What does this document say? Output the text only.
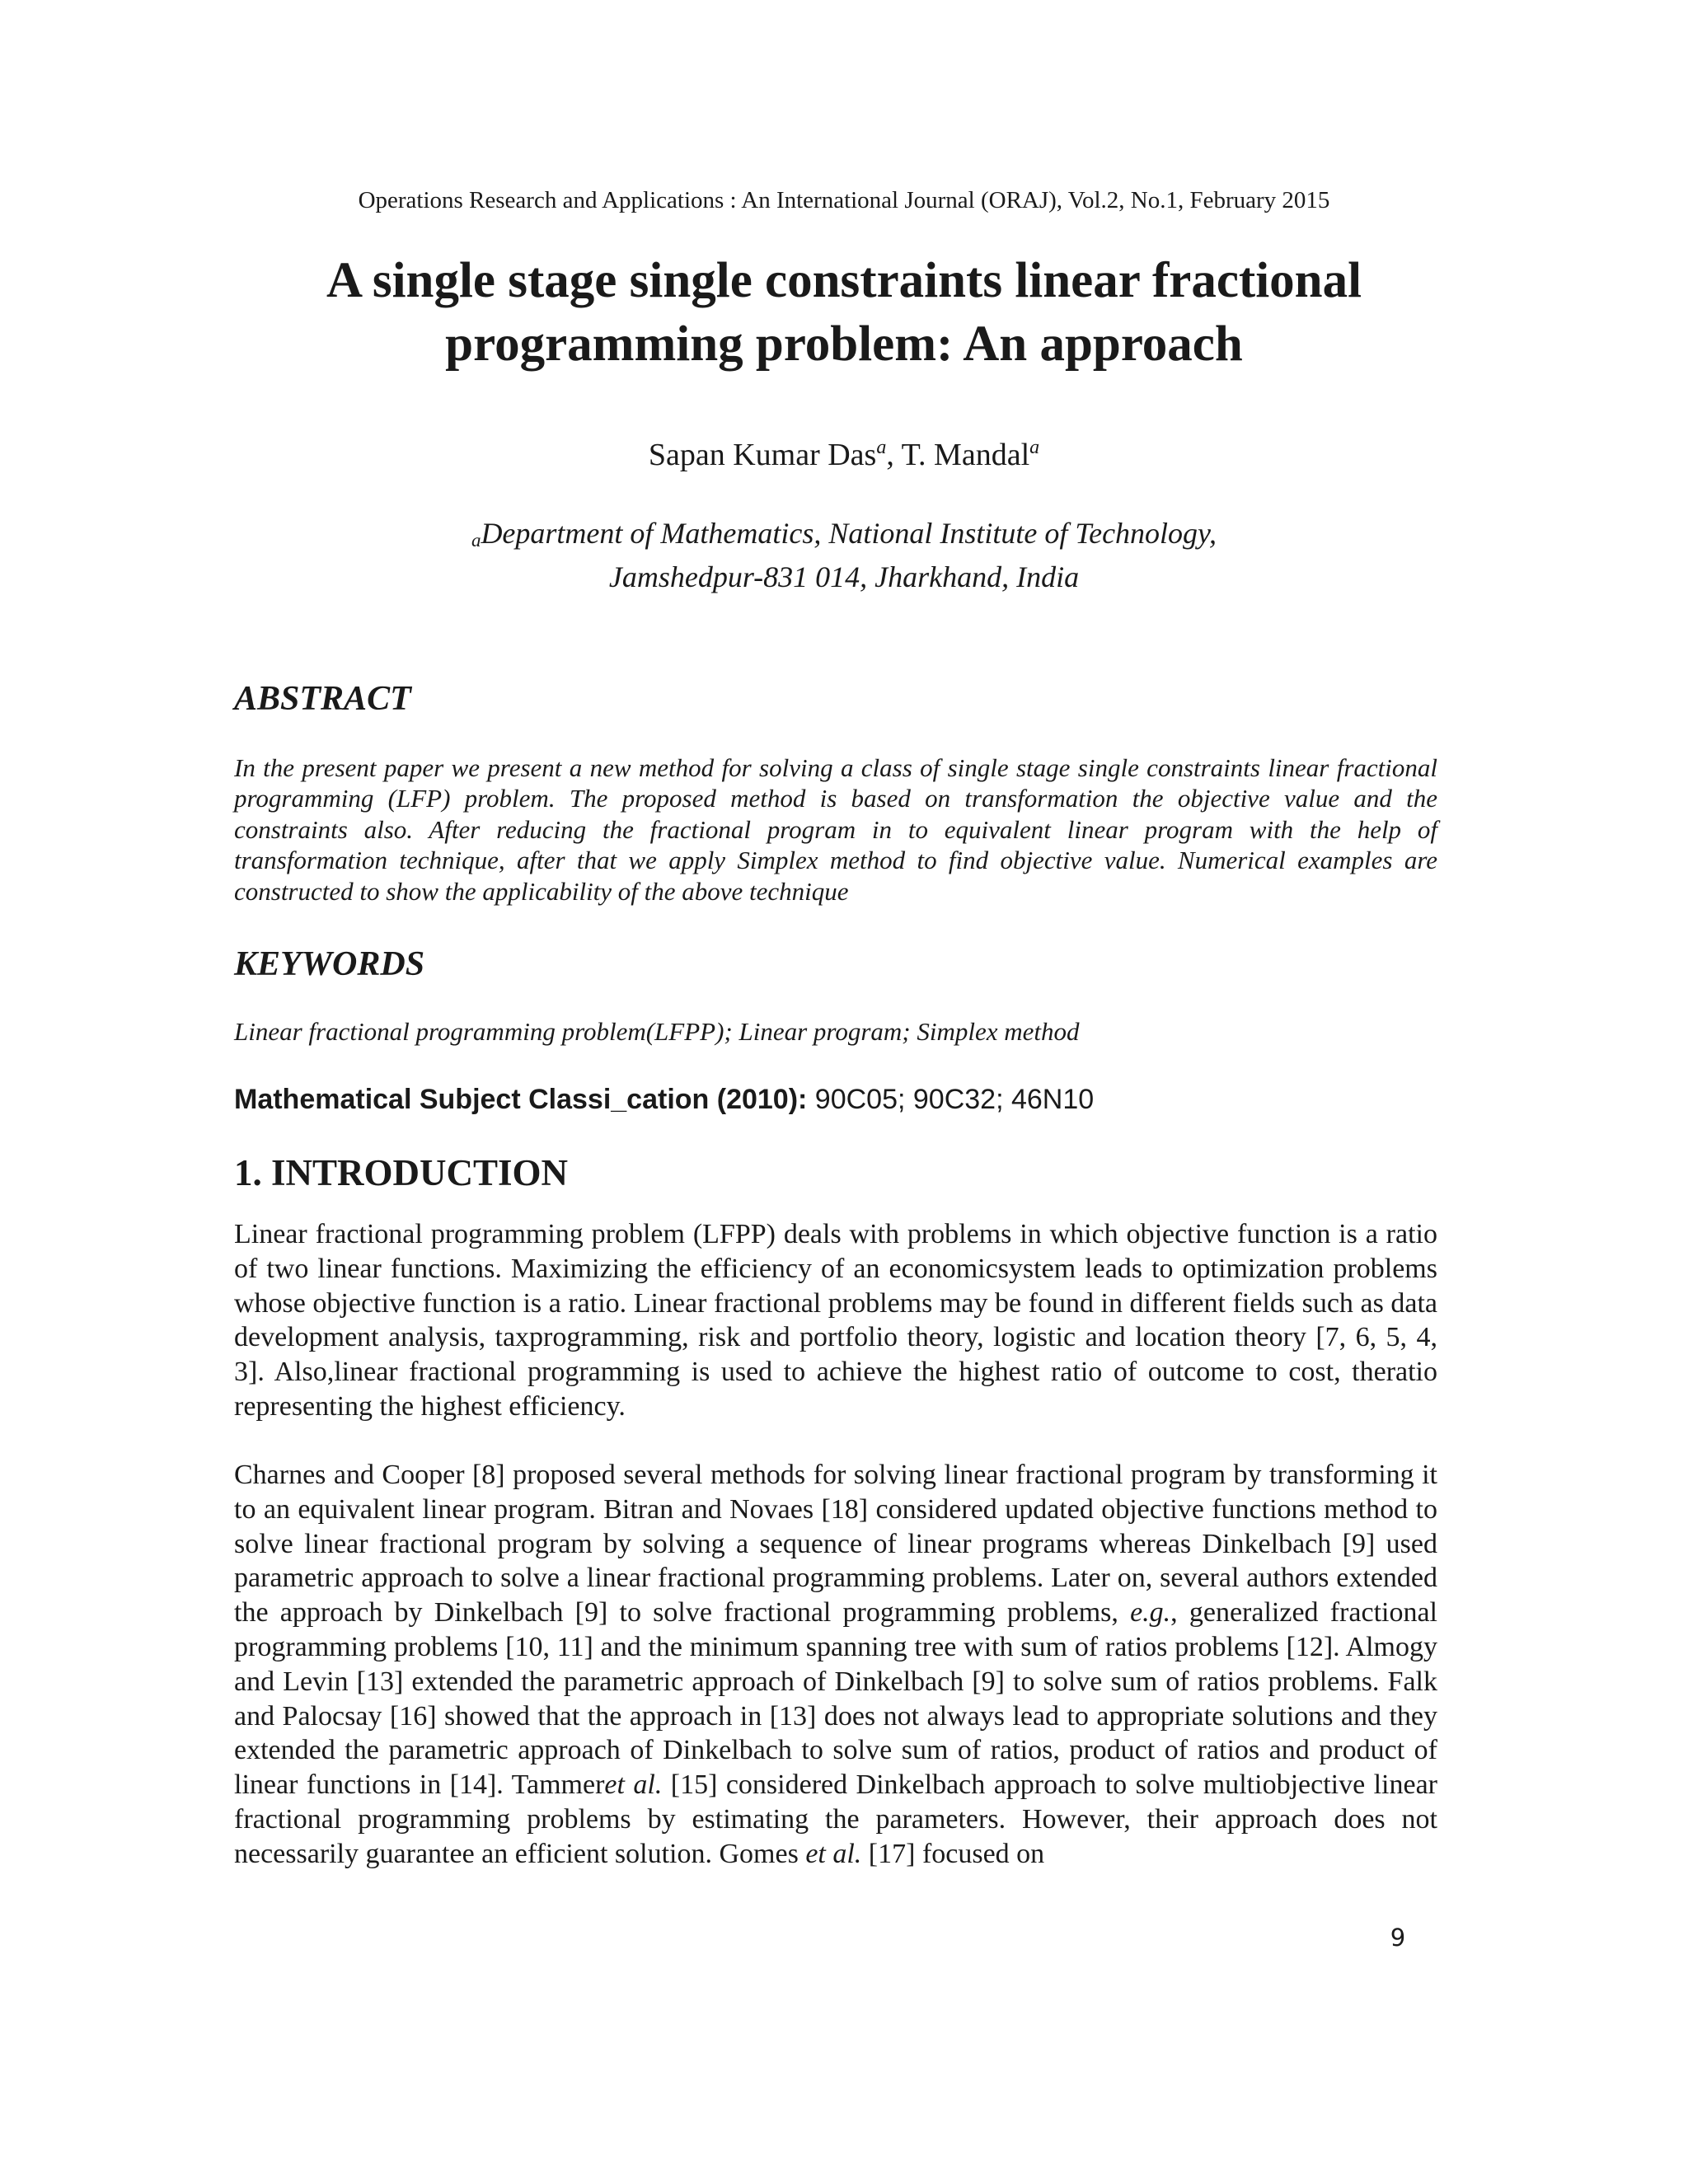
Operations Research and Applications : An International Journal (ORAJ), Vol.2, No.1, February 2015
A single stage single constraints linear fractional
programming problem: An approach
Sapan Kumar Das$^a$, T. Mandal$^a$
aDepartment of Mathematics, National Institute of Technology,
Jamshedpur-831 014, Jharkhand, India
ABSTRACT

In the present paper we present a new method for solving a class of single stage single constraints linear fractional programming (LFP) problem. The proposed method is based on transformation the objective value and the constraints also. After reducing the fractional program in to equivalent linear program with the help of transformation technique, after that we apply Simplex method to find objective value. Numerical examples are constructed to show the applicability of the above technique

KEYWORDS

Linear fractional programming problem(LFPP); Linear program; Simplex method

Mathematical Subject Classi_cation (2010): 90C05; 90C32; 46N10

1. INTRODUCTION

Linear fractional programming problem (LFPP) deals with problems in which objective function is a ratio of two linear functions. Maximizing the efficiency of an economicsystem leads to optimization problems whose objective function is a ratio. Linear fractional problems may be found in different fields such as data development analysis, taxprogramming, risk and portfolio theory, logistic and location theory [7, 6, 5, 4, 3]. Also,linear fractional programming is used to achieve the highest ratio of outcome to cost, theratio representing the highest efficiency.

Charnes and Cooper [8] proposed several methods for solving linear fractional program by transforming it to an equivalent linear program. Bitran and Novaes [18] considered updated objective functions method to solve linear fractional program by solving a sequence of linear programs whereas Dinkelbach [9] used parametric approach to solve a linear fractional programming problems. Later on, several authors extended the approach by Dinkelbach [9] to solve fractional programming problems, e.g., generalized fractional programming problems [10, 11] and the minimum spanning tree with sum of ratios problems [12]. Almogy and Levin [13] extended the parametric approach of Dinkelbach [9] to solve sum of ratios problems. Falk and Palocsay [16] showed that the approach in [13] does not always lead to appropriate solutions and they extended the parametric approach of Dinkelbach to solve sum of ratios, product of ratios and product of linear functions in [14]. Tammeret al. [15] considered Dinkelbach approach to solve multiobjective linear fractional programming problems by estimating the parameters. However, their approach does not necessarily guarantee an efficient solution. Gomes et al. [17] focused on

9
